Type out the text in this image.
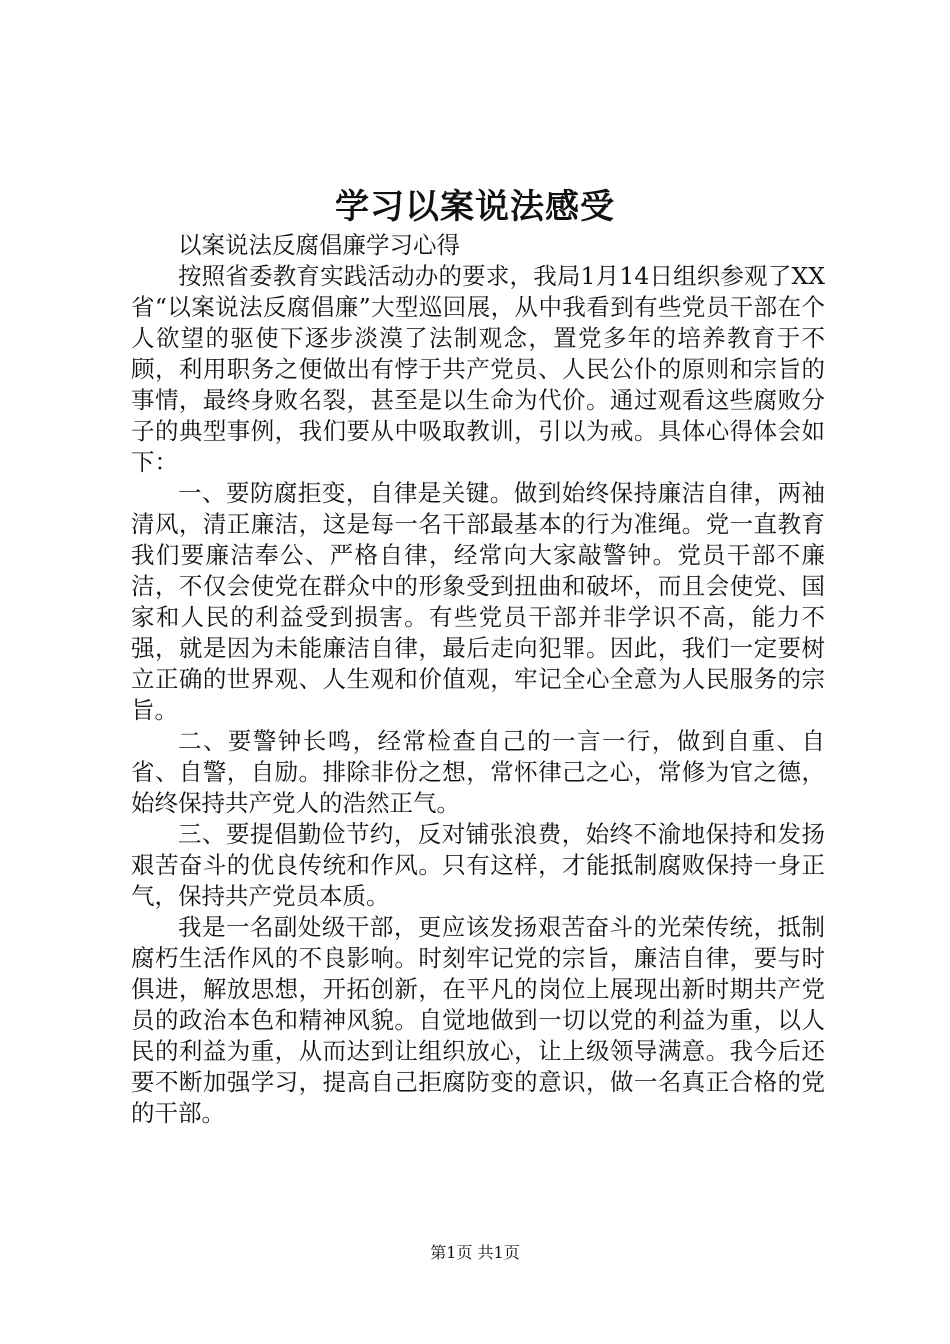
学习以案说法感受

以案说法反腐倡廉学习心得

按照省委教育实践活动办的要求，我局1月14日组织参观了XX省“以案说法反腐倡廉”大型巡回展，从中我看到有些党员干部在个人欲望的驱使下逐步淡漠了法制观念，置党多年的培养教育于不顾，利用职务之便做出有悖于共产党员、人民公仆的原则和宗旨的事情，最终身败名裂，甚至是以生命为代价。通过观看这些腐败分子的典型事例，我们要从中吸取教训，引以为戒。具体心得体会如下：

一、要防腐拒变，自律是关键。做到始终保持廉洁自律，两袖清风，清正廉洁，这是每一名干部最基本的行为准绳。党一直教育我们要廉洁奉公、严格自律，经常向大家敲警钟。党员干部不廉洁，不仅会使党在群众中的形象受到扭曲和破坏，而且会使党、国家和人民的利益受到损害。有些党员干部并非学识不高，能力不强，就是因为未能廉洁自律，最后走向犯罪。因此，我们一定要树立正确的世界观、人生观和价值观，牢记全心全意为人民服务的宗旨。

二、要警钟长鸣，经常检查自己的一言一行，做到自重、自省、自警，自励。排除非份之想，常怀律己之心，常修为官之德，始终保持共产党人的浩然正气。

三、要提倡勤俭节约，反对铺张浪费，始终不渝地保持和发扬艰苦奋斗的优良传统和作风。只有这样，才能抵制腐败保持一身正气，保持共产党员本质。

我是一名副处级干部，更应该发扬艰苦奋斗的光荣传统，抵制腐朽生活作风的不良影响。时刻牢记党的宗旨，廉洁自律，要与时俱进，解放思想，开拓创新，在平凡的岗位上展现出新时期共产党员的政治本色和精神风貌。自觉地做到一切以党的利益为重，以人民的利益为重，从而达到让组织放心，让上级领导满意。我今后还要不断加强学习，提高自己拒腐防变的意识，做一名真正合格的党的干部。

第1页 共1页
